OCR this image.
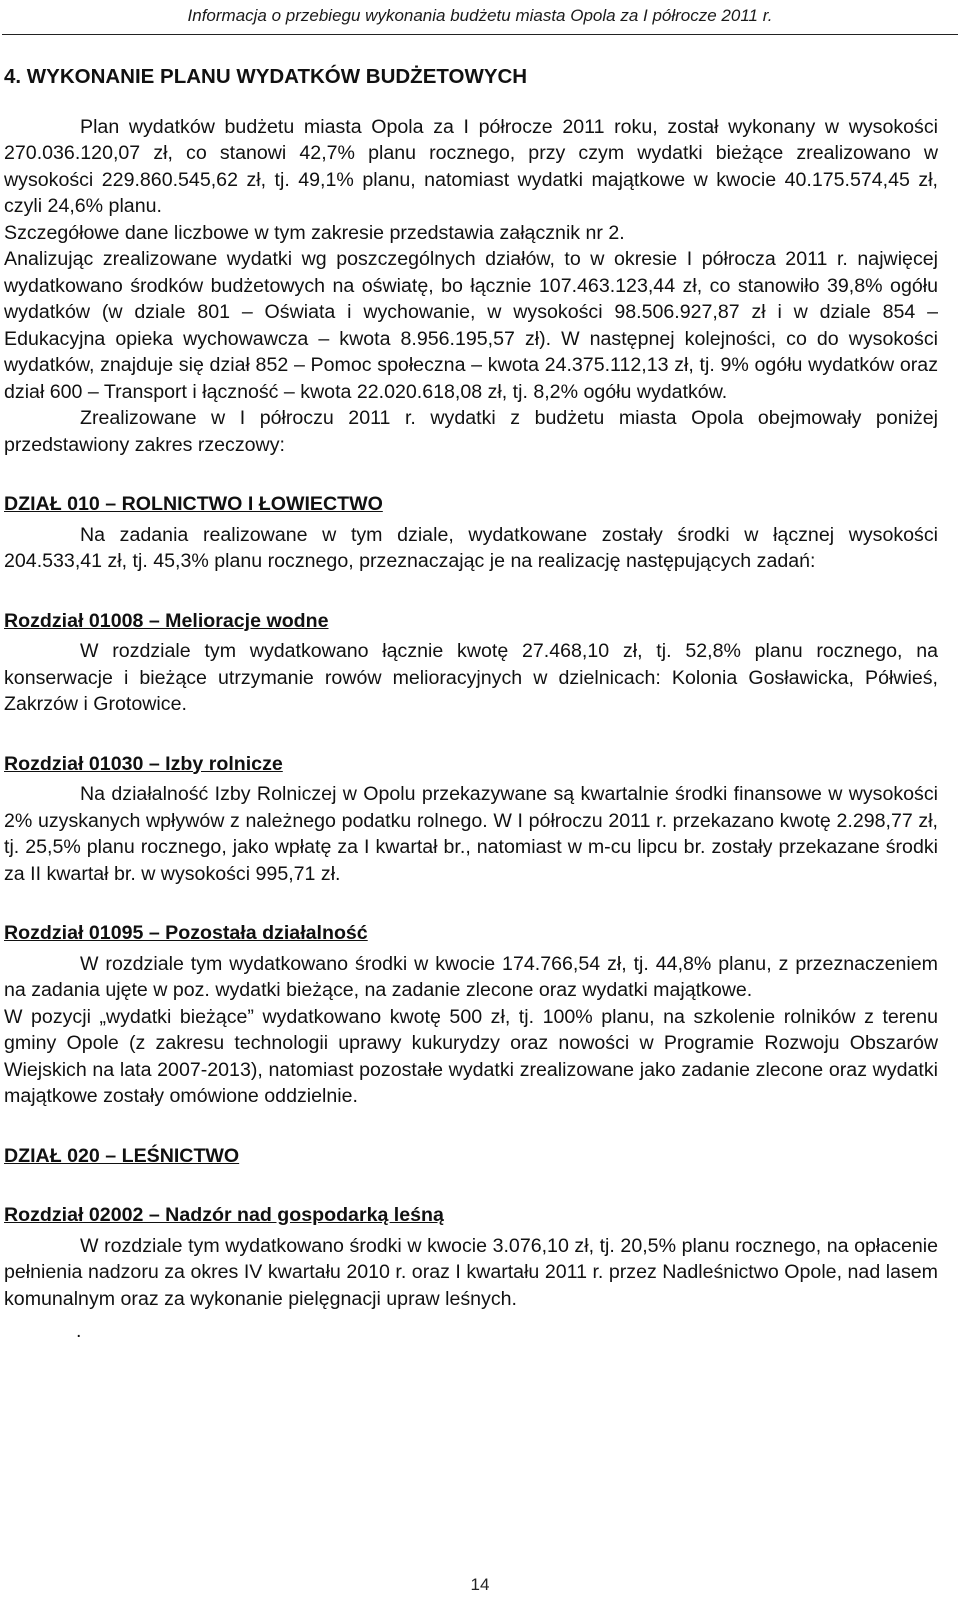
Informacja o przebiegu wykonania budżetu miasta Opola za I półrocze 2011 r.
4. WYKONANIE PLANU WYDATKÓW BUDŻETOWYCH

Plan wydatków budżetu miasta Opola za I półrocze 2011 roku, został wykonany w wysokości 270.036.120,07 zł, co stanowi 42,7% planu rocznego, przy czym wydatki bieżące zrealizowano w wysokości 229.860.545,62 zł, tj. 49,1% planu, natomiast wydatki majątkowe w kwocie 40.175.574,45 zł, czyli 24,6% planu.

Szczegółowe dane liczbowe w tym zakresie przedstawia załącznik nr 2.

Analizując zrealizowane wydatki wg poszczególnych działów, to w okresie I półrocza 2011 r. najwięcej wydatkowano środków budżetowych na oświatę, bo łącznie 107.463.123,44 zł, co stanowiło 39,8% ogółu wydatków (w dziale 801 – Oświata i wychowanie, w wysokości 98.506.927,87 zł i w dziale 854 – Edukacyjna opieka wychowawcza – kwota 8.956.195,57 zł). W następnej kolejności, co do wysokości wydatków, znajduje się dział 852 – Pomoc społeczna – kwota 24.375.112,13 zł, tj. 9% ogółu wydatków oraz dział 600 – Transport i łączność – kwota 22.020.618,08 zł, tj. 8,2% ogółu wydatków.

Zrealizowane w I półroczu 2011 r. wydatki z budżetu miasta Opola obejmowały poniżej przedstawiony zakres rzeczowy:

DZIAŁ 010 – ROLNICTWO I ŁOWIECTWO

Na zadania realizowane w tym dziale, wydatkowane zostały środki w łącznej wysokości 204.533,41 zł, tj. 45,3% planu rocznego, przeznaczając je na realizację następujących zadań:

Rozdział 01008 – Melioracje wodne

W rozdziale tym wydatkowano łącznie kwotę 27.468,10 zł, tj. 52,8% planu rocznego, na konserwacje i bieżące utrzymanie rowów melioracyjnych w dzielnicach: Kolonia Gosławicka, Półwieś, Zakrzów i Grotowice.

Rozdział 01030 – Izby rolnicze

Na działalność Izby Rolniczej w Opolu przekazywane są kwartalnie środki finansowe w wysokości 2% uzyskanych wpływów z należnego podatku rolnego. W I półroczu 2011 r. przekazano kwotę 2.298,77 zł, tj. 25,5% planu rocznego, jako wpłatę za I kwartał br., natomiast w m-cu lipcu br. zostały przekazane środki za II kwartał br. w wysokości 995,71 zł.

Rozdział 01095 – Pozostała działalność

W rozdziale tym wydatkowano środki w kwocie 174.766,54 zł, tj. 44,8% planu, z przeznaczeniem na zadania ujęte w poz. wydatki bieżące, na zadanie zlecone oraz wydatki majątkowe.

W pozycji „wydatki bieżące” wydatkowano kwotę 500 zł, tj. 100% planu, na szkolenie rolników z terenu gminy Opole (z zakresu technologii uprawy kukurydzy oraz nowości w Programie Rozwoju Obszarów Wiejskich na lata 2007-2013), natomiast pozostałe wydatki zrealizowane jako zadanie zlecone oraz wydatki majątkowe zostały omówione oddzielnie.

DZIAŁ 020 – LEŚNICTWO

Rozdział 02002 – Nadzór nad gospodarką leśną

W rozdziale tym wydatkowano środki w kwocie 3.076,10 zł, tj. 20,5% planu rocznego, na opłacenie pełnienia nadzoru za okres IV kwartału 2010 r. oraz I kwartału 2011 r. przez Nadleśnictwo Opole, nad lasem komunalnym oraz za wykonanie pielęgnacji upraw leśnych.

.

14
